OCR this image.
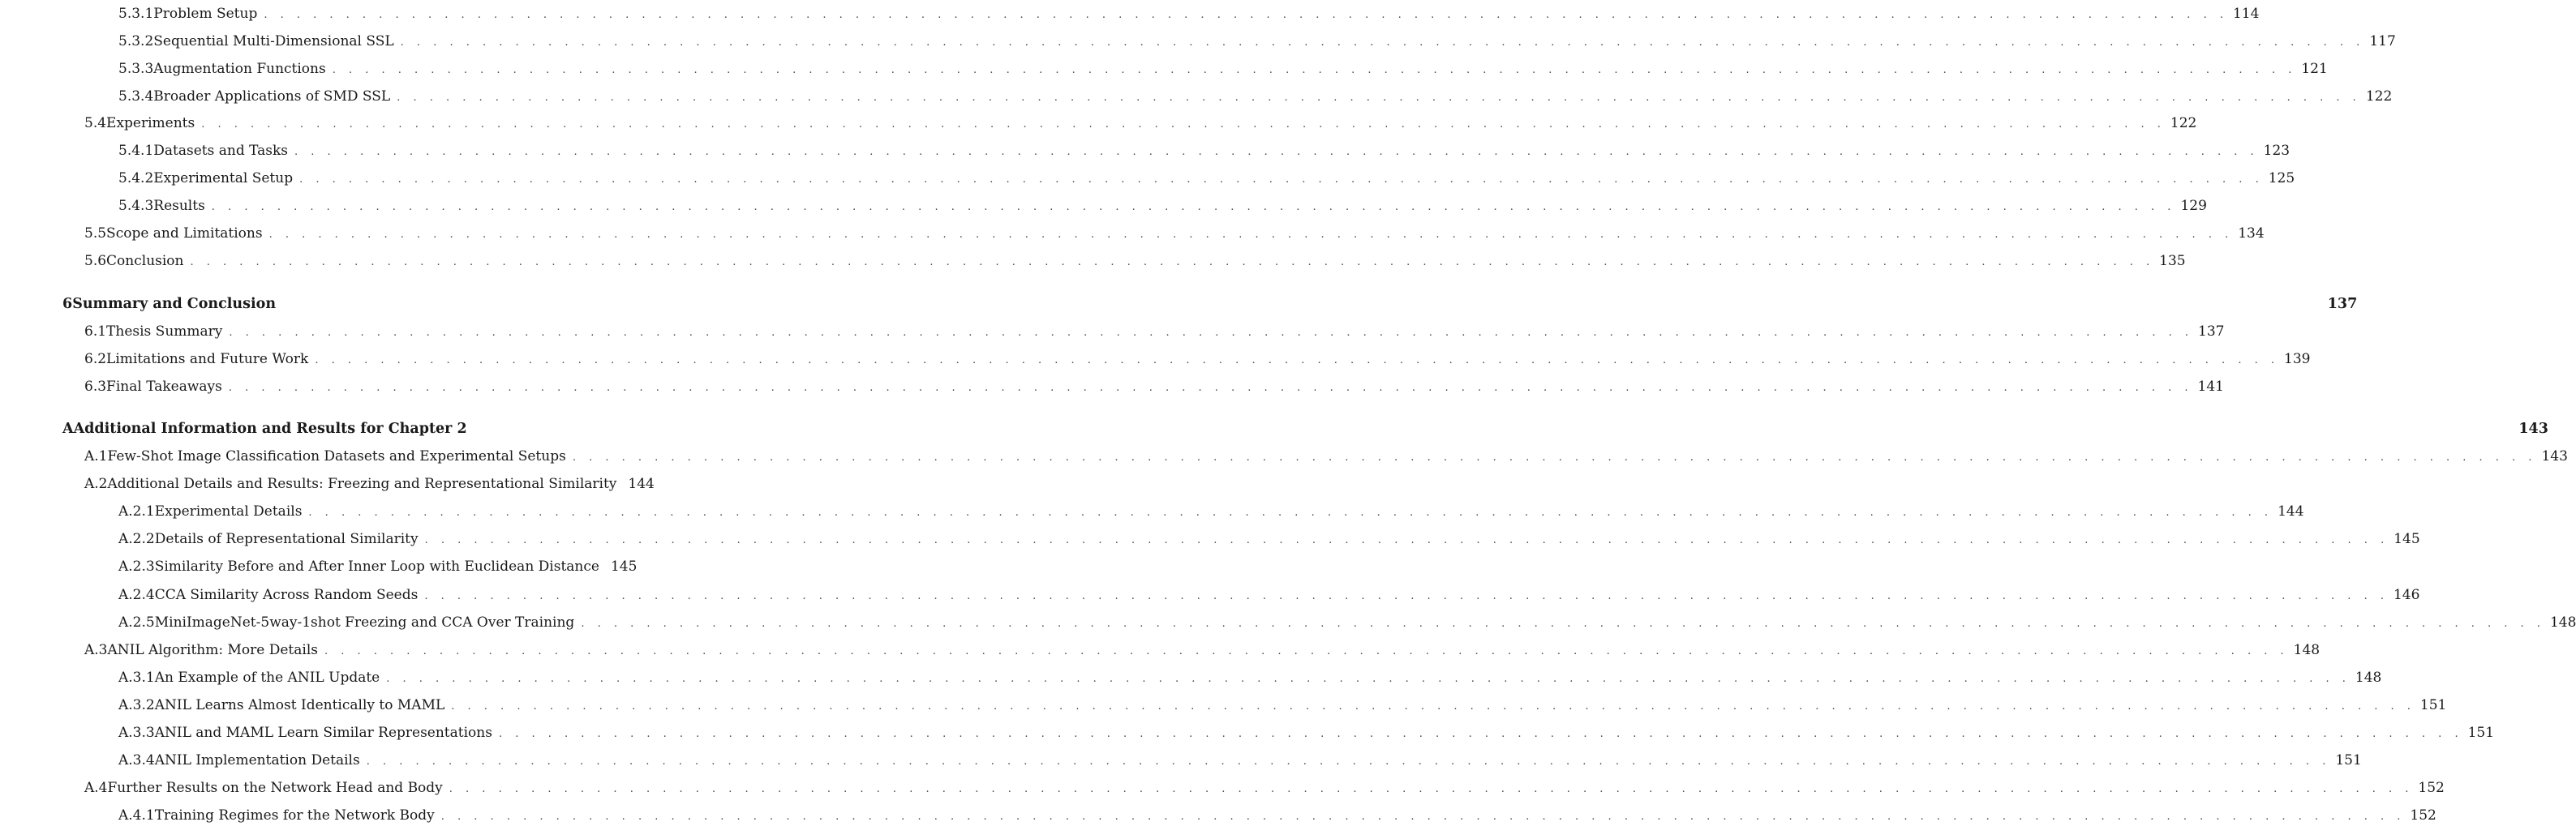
5.3.1 Problem Setup . . . . . . . . . . . . . . . . . . . . . . . . . . . . . . . . . . . . . . . . . . . . . . . . . . . . . . . . . . . . . . . . . . . . . . . . . . . . . . . . . . . . . . . . . . . . . . . . . . . . . . . . . . . . . . . . . . . . . . . . 114
5.3.2 Sequential Multi-Dimensional SSL . . . . . . . . . . . . . . . . . . . . . . . . . . . . . . . . . . . . . . . . . . . . . . . . . . . . . . . . . . . . . . . . . . . . . . . . . . . . . . . . . . . . . . . . . . . . . . . . . . . . . . . . . . . . . . . . . . . . . . . . 117
5.3.3 Augmentation Functions . . . . . . . . . . . . . . . . . . . . . . . . . . . . . . . . . . . . . . . . . . . . . . . . . . . . . . . . . . . . . . . . . . . . . . . . . . . . . . . . . . . . . . . . . . . . . . . . . . . . . . . . . . . . . . . . . . . . . . . . 121
5.3.4 Broader Applications of SMD SSL . . . . . . . . . . . . . . . . . . . . . . . . . . . . . . . . . . . . . . . . . . . . . . . . . . . . . . . . . . . . . . . . . . . . . . . . . . . . . . . . . . . . . . . . . . . . . . . . . . . . . . . . . . . . . . . . . . . . . . . . 122
5.4 Experiments . . . . . . . . . . . . . . . . . . . . . . . . . . . . . . . . . . . . . . . . . . . . . . . . . . . . . . . . . . . . . . . . . . . . . . . . . . . . . . . . . . . . . . . . . . . . . . . . . . . . . . . . . . . . . . . . . . . . . . . . 122
5.4.1 Datasets and Tasks . . . . . . . . . . . . . . . . . . . . . . . . . . . . . . . . . . . . . . . . . . . . . . . . . . . . . . . . . . . . . . . . . . . . . . . . . . . . . . . . . . . . . . . . . . . . . . . . . . . . . . . . . . . . . . . . . . . . . . . . 123
5.4.2 Experimental Setup . . . . . . . . . . . . . . . . . . . . . . . . . . . . . . . . . . . . . . . . . . . . . . . . . . . . . . . . . . . . . . . . . . . . . . . . . . . . . . . . . . . . . . . . . . . . . . . . . . . . . . . . . . . . . . . . . . . . . . . . 125
5.4.3 Results . . . . . . . . . . . . . . . . . . . . . . . . . . . . . . . . . . . . . . . . . . . . . . . . . . . . . . . . . . . . . . . . . . . . . . . . . . . . . . . . . . . . . . . . . . . . . . . . . . . . . . . . . . . . . . . . . . . . . . . . 129
5.5 Scope and Limitations . . . . . . . . . . . . . . . . . . . . . . . . . . . . . . . . . . . . . . . . . . . . . . . . . . . . . . . . . . . . . . . . . . . . . . . . . . . . . . . . . . . . . . . . . . . . . . . . . . . . . . . . . . . . . . . . . . . . . . . . 134
5.6 Conclusion . . . . . . . . . . . . . . . . . . . . . . . . . . . . . . . . . . . . . . . . . . . . . . . . . . . . . . . . . . . . . . . . . . . . . . . . . . . . . . . . . . . . . . . . . . . . . . . . . . . . . . . . . . . . . . . . . . . . . . . . 135
6 Summary and Conclusion	137
6.1 Thesis Summary . . . . . . . . . . . . . . . . . . . . . . . . . . . . . . . . . . . . . . . . . . . . . . . . . . . . . . . . . . . . . . . . . . . . . . . . . . . . . . . . . . . . . . . . . . . . . . . . . . . . . . . . . . . . . . . . . . . . . . . . 137
6.2 Limitations and Future Work . . . . . . . . . . . . . . . . . . . . . . . . . . . . . . . . . . . . . . . . . . . . . . . . . . . . . . . . . . . . . . . . . . . . . . . . . . . . . . . . . . . . . . . . . . . . . . . . . . . . . . . . . . . . . . . . . . . . . . . . 139
6.3 Final Takeaways . . . . . . . . . . . . . . . . . . . . . . . . . . . . . . . . . . . . . . . . . . . . . . . . . . . . . . . . . . . . . . . . . . . . . . . . . . . . . . . . . . . . . . . . . . . . . . . . . . . . . . . . . . . . . . . . . . . . . . . . 141
A Additional Information and Results for Chapter 2	143
A.1 Few-Shot Image Classification Datasets and Experimental Setups . . . . . . . . . . . . . . . . . . . . . . . . . . . . . . . . . . . . . . . . . . . . . . . . . . . . . . . . . . . . . . . . . . . . . . . . . . . . . . . . . . . . . . . . . . . . . . . . . . . . . . . . . . . . . . . . . . . . . . . . 143
A.2 Additional Details and Results: Freezing and Representational Similarity 144
A.2.1 Experimental Details . . . . . . . . . . . . . . . . . . . . . . . . . . . . . . . . . . . . . . . . . . . . . . . . . . . . . . . . . . . . . . . . . . . . . . . . . . . . . . . . . . . . . . . . . . . . . . . . . . . . . . . . . . . . . . . . . . . . . . . . 144
A.2.2 Details of Representational Similarity . . . . . . . . . . . . . . . . . . . . . . . . . . . . . . . . . . . . . . . . . . . . . . . . . . . . . . . . . . . . . . . . . . . . . . . . . . . . . . . . . . . . . . . . . . . . . . . . . . . . . . . . . . . . . . . . . . . . . . . . 145
A.2.3 Similarity Before and After Inner Loop with Euclidean Distance 145
A.2.4 CCA Similarity Across Random Seeds . . . . . . . . . . . . . . . . . . . . . . . . . . . . . . . . . . . . . . . . . . . . . . . . . . . . . . . . . . . . . . . . . . . . . . . . . . . . . . . . . . . . . . . . . . . . . . . . . . . . . . . . . . . . . . . . . . . . . . . . 146
A.2.5 MiniImageNet-5way-1shot Freezing and CCA Over Training . . . . . . . . . . . . . . . . . . . . . . . . . . . . . . . . . . . . . . . . . . . . . . . . . . . . . . . . . . . . . . . . . . . . . . . . . . . . . . . . . . . . . . . . . . . . . . . . . . . . . . . . . . . . . . . . . . . . . . . . 148
A.3 ANIL Algorithm: More Details . . . . . . . . . . . . . . . . . . . . . . . . . . . . . . . . . . . . . . . . . . . . . . . . . . . . . . . . . . . . . . . . . . . . . . . . . . . . . . . . . . . . . . . . . . . . . . . . . . . . . . . . . . . . . . . . . . . . . . . . 148
A.3.1 An Example of the ANIL Update . . . . . . . . . . . . . . . . . . . . . . . . . . . . . . . . . . . . . . . . . . . . . . . . . . . . . . . . . . . . . . . . . . . . . . . . . . . . . . . . . . . . . . . . . . . . . . . . . . . . . . . . . . . . . . . . . . . . . . . . 148
A.3.2 ANIL Learns Almost Identically to MAML . . . . . . . . . . . . . . . . . . . . . . . . . . . . . . . . . . . . . . . . . . . . . . . . . . . . . . . . . . . . . . . . . . . . . . . . . . . . . . . . . . . . . . . . . . . . . . . . . . . . . . . . . . . . . . . . . . . . . . . . 151
A.3.3 ANIL and MAML Learn Similar Representations . . . . . . . . . . . . . . . . . . . . . . . . . . . . . . . . . . . . . . . . . . . . . . . . . . . . . . . . . . . . . . . . . . . . . . . . . . . . . . . . . . . . . . . . . . . . . . . . . . . . . . . . . . . . . . . . . . . . . . . . 151
A.3.4 ANIL Implementation Details . . . . . . . . . . . . . . . . . . . . . . . . . . . . . . . . . . . . . . . . . . . . . . . . . . . . . . . . . . . . . . . . . . . . . . . . . . . . . . . . . . . . . . . . . . . . . . . . . . . . . . . . . . . . . . . . . . . . . . . . 151
A.4 Further Results on the Network Head and Body . . . . . . . . . . . . . . . . . . . . . . . . . . . . . . . . . . . . . . . . . . . . . . . . . . . . . . . . . . . . . . . . . . . . . . . . . . . . . . . . . . . . . . . . . . . . . . . . . . . . . . . . . . . . . . . . . . . . . . . . 152
A.4.1 Training Regimes for the Network Body . . . . . . . . . . . . . . . . . . . . . . . . . . . . . . . . . . . . . . . . . . . . . . . . . . . . . . . . . . . . . . . . . . . . . . . . . . . . . . . . . . . . . . . . . . . . . . . . . . . . . . . . . . . . . . . . . . . . . . . . 152
